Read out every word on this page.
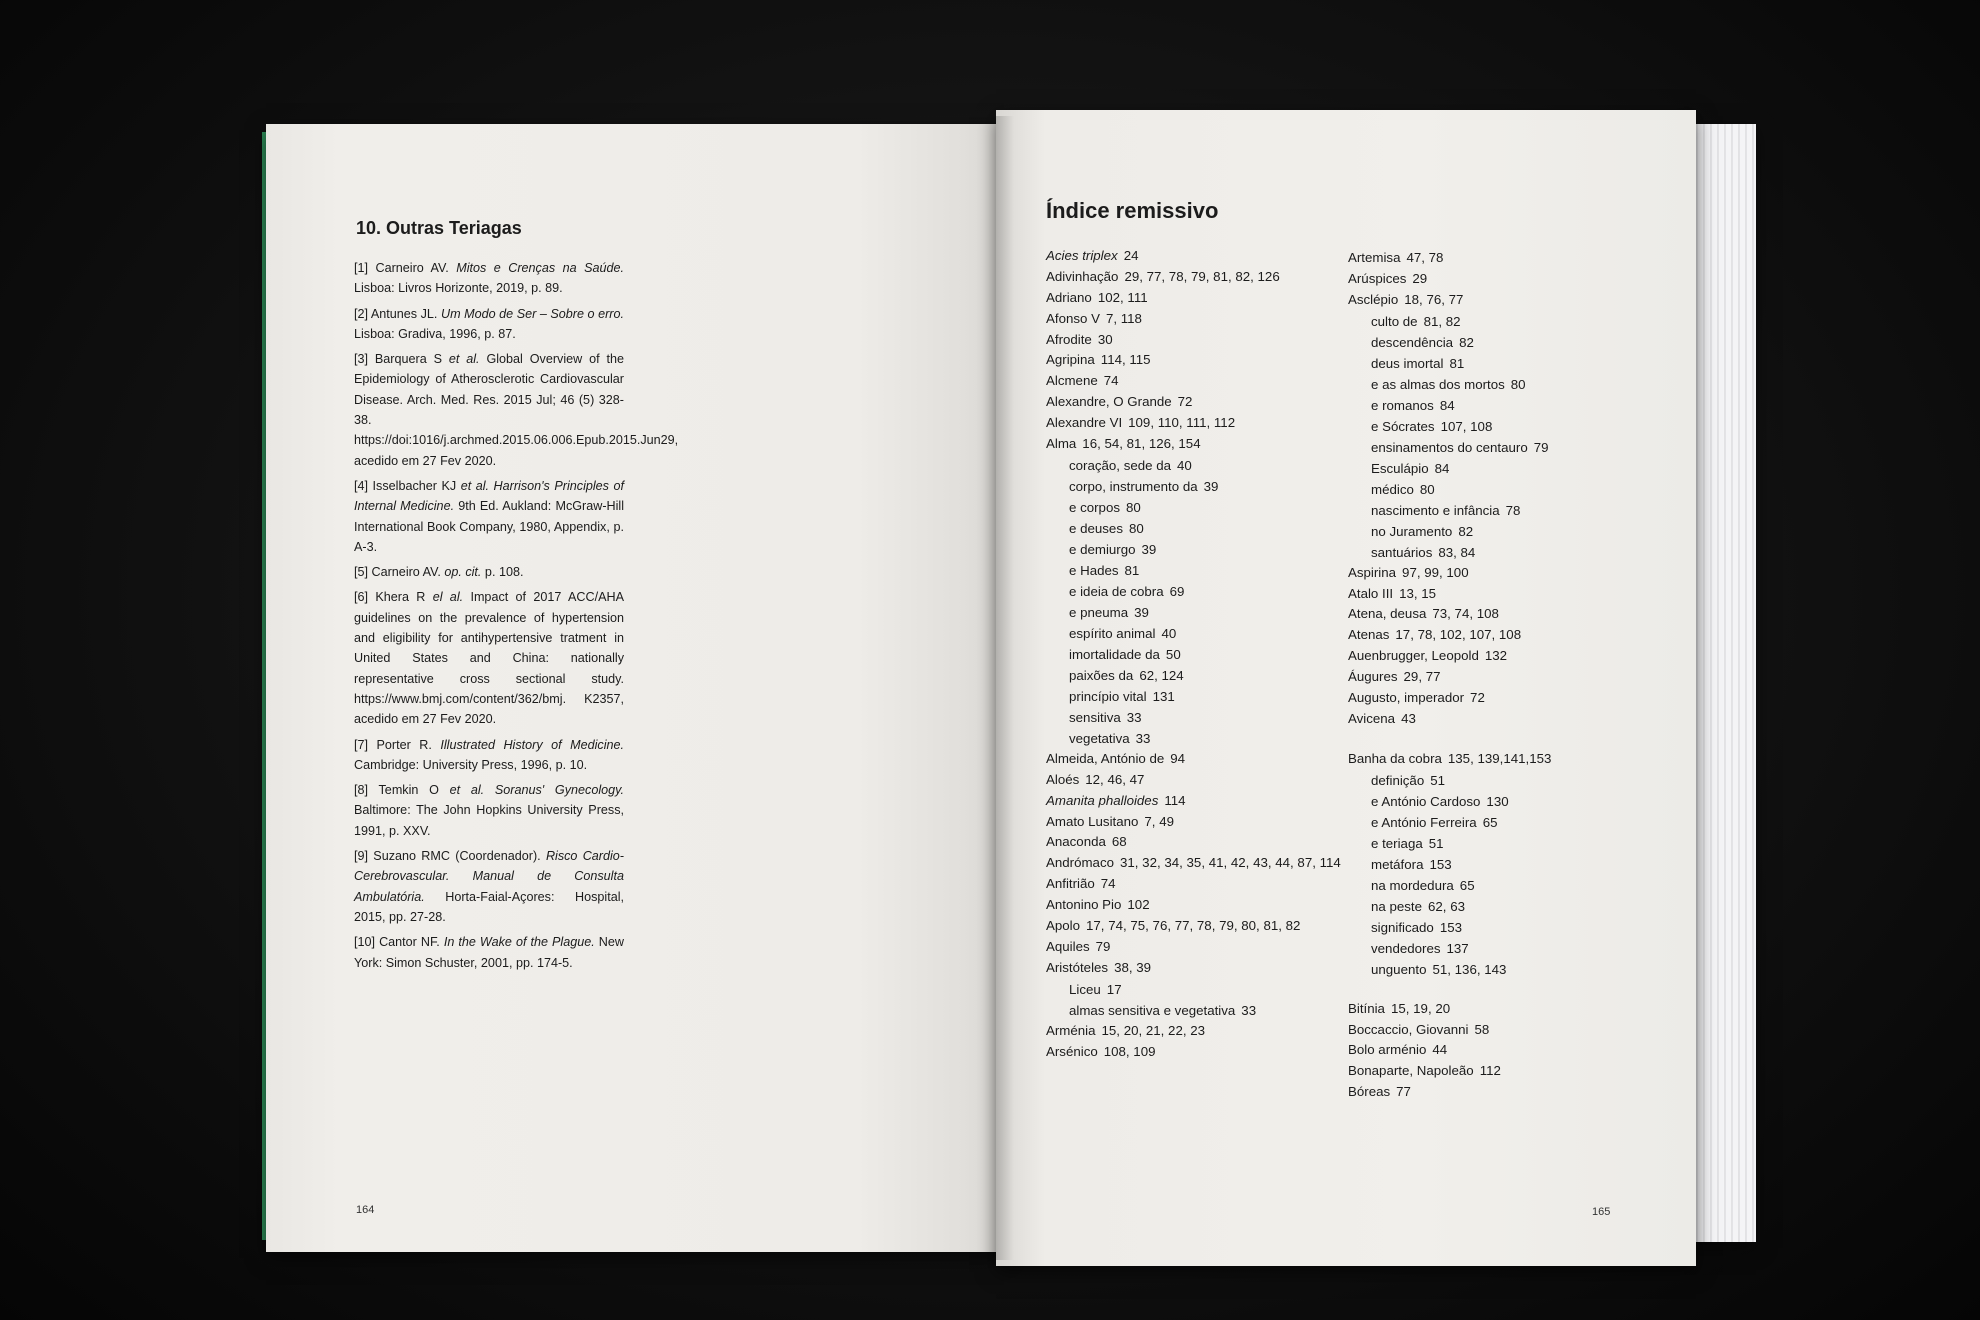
10. Outras Teriagas

[1] Carneiro AV. Mitos e Crenças na Saúde. Lisboa: Livros Horizonte, 2019, p. 89.

[2] Antunes JL. Um Modo de Ser – Sobre o erro. Lisboa: Gradiva, 1996, p. 87.

[3] Barquera S et al. Global Overview of the Epidemiology of Atherosclerotic Cardiovascular Disease. Arch. Med. Res. 2015 Jul; 46 (5) 328-38. https://doi:1016/j.archmed.2015.06.006.Epub.2015.Jun29, acedido em 27 Fev 2020.

[4] Isselbacher KJ et al. Harrison's Principles of Internal Medicine. 9th Ed. Aukland: McGraw-Hill International Book Company, 1980, Appendix, p. A-3.

[5] Carneiro AV. op. cit. p. 108.

[6] Khera R el al. Impact of 2017 ACC/AHA guidelines on the prevalence of hypertension and eligibility for antihypertensive tratment in United States and China: nationally representative cross sectional study. https://www.bmj.com/content/362/bmj. K2357, acedido em 27 Fev 2020.

[7] Porter R. Illustrated History of Medicine. Cambridge: University Press, 1996, p. 10.

[8] Temkin O et al. Soranus' Gynecology. Baltimore: The John Hopkins University Press, 1991, p. XXV.

[9] Suzano RMC (Coordenador). Risco Cardio-Cerebrovascular. Manual de Consulta Ambulatória. Horta-Faial-Açores: Hospital, 2015, pp. 27-28.

[10] Cantor NF. In the Wake of the Plague. New York: Simon Schuster, 2001, pp. 174-5.

164
Índice remissivo
Acies triplex 24
Adivinhação 29, 77, 78, 79, 81, 82, 126
Adriano 102, 111
Afonso V 7, 118
Afrodite 30
Agripina 114, 115
Alcmene 74
Alexandre, O Grande 72
Alexandre VI 109, 110, 111, 112
Alma 16, 54, 81, 126, 154
coração, sede da 40
corpo, instrumento da 39
e corpos 80
e deuses 80
e demiurgo 39
e Hades 81
e ideia de cobra 69
e pneuma 39
espírito animal 40
imortalidade da 50
paixões da 62, 124
princípio vital 131
sensitiva 33
vegetativa 33
Almeida, António de 94
Aloés 12, 46, 47
Amanita phalloides 114
Amato Lusitano 7, 49
Anaconda 68
Andrómaco 31, 32, 34, 35, 41, 42, 43, 44, 87, 114
Anfitrião 74
Antonino Pio 102
Apolo 17, 74, 75, 76, 77, 78, 79, 80, 81, 82
Aquiles 79
Aristóteles 38, 39
Liceu 17
almas sensitiva e vegetativa 33
Arménia 15, 20, 21, 22, 23
Arsénico 108, 109
Artemisa 47, 78
Arúspices 29
Asclépio 18, 76, 77
culto de 81, 82
descendência 82
deus imortal 81
e as almas dos mortos 80
e romanos 84
e Sócrates 107, 108
ensinamentos do centauro 79
Esculápio 84
médico 80
nascimento e infância 78
no Juramento 82
santuários 83, 84
Aspirina 97, 99, 100
Atalo III 13, 15
Atena, deusa 73, 74, 108
Atenas 17, 78, 102, 107, 108
Auenbrugger, Leopold 132
Áugures 29, 77
Augusto, imperador 72
Avicena 43
Banha da cobra 135, 139,141,153
definição 51
e António Cardoso 130
e António Ferreira 65
e teriaga 51
metáfora 153
na mordedura 65
na peste 62, 63
significado 153
vendedores 137
unguento 51, 136, 143
Bitínia 15, 19, 20
Boccaccio, Giovanni 58
Bolo arménio 44
Bonaparte, Napoleão 112
Bóreas 77
165
